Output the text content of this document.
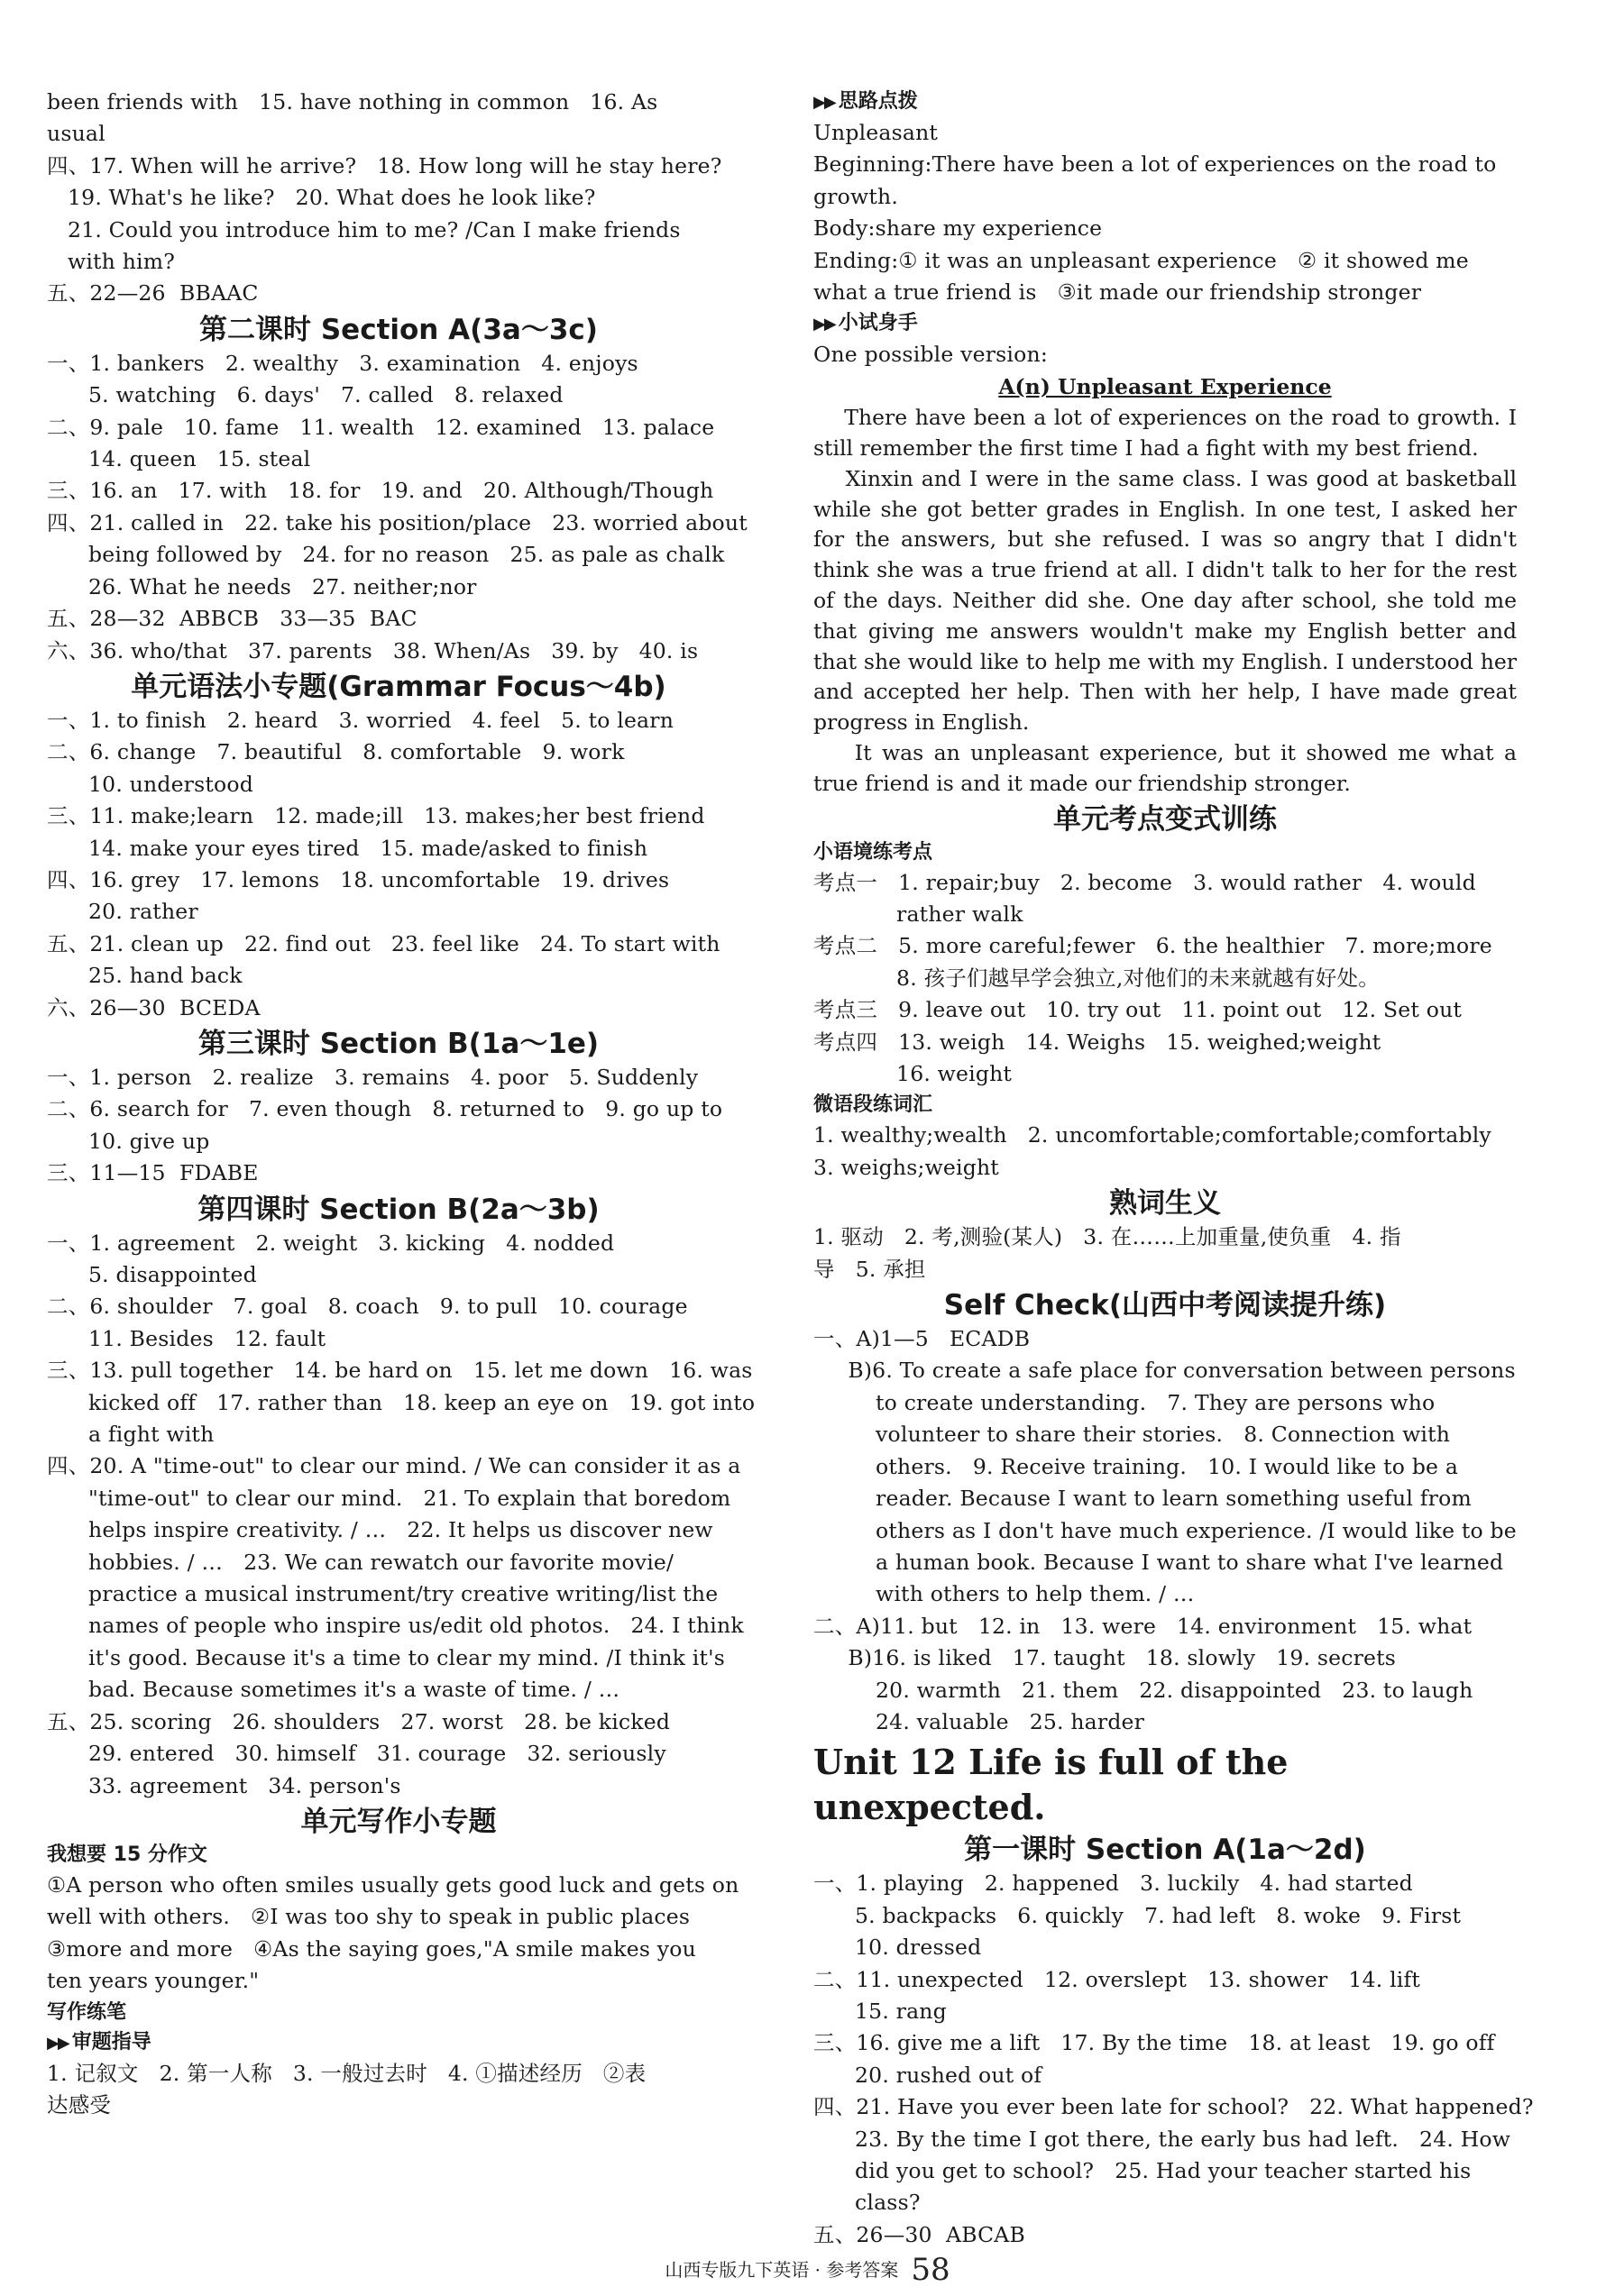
been friends with   15. have nothing in common   16. As
usual
四、17. When will he arrive?   18. How long will he stay here?
19. What's he like?   20. What does he look like?
21. Could you introduce him to me? /Can I make friends
with him?
五、22—26  BBAAC
第二课时 Section A(3a～3c)
一、1. bankers   2. wealthy   3. examination   4. enjoys
5. watching   6. days'   7. called   8. relaxed
二、9. pale   10. fame   11. wealth   12. examined   13. palace
14. queen   15. steal
三、16. an   17. with   18. for   19. and   20. Although/Though
四、21. called in   22. take his position/place   23. worried about
being followed by   24. for no reason   25. as pale as chalk
26. What he needs   27. neither;nor
五、28—32  ABBCB   33—35  BAC
六、36. who/that   37. parents   38. When/As   39. by   40. is
单元语法小专题(Grammar Focus～4b)
一、1. to finish   2. heard   3. worried   4. feel   5. to learn
二、6. change   7. beautiful   8. comfortable   9. work
10. understood
三、11. make;learn   12. made;ill   13. makes;her best friend
14. make your eyes tired   15. made/asked to finish
四、16. grey   17. lemons   18. uncomfortable   19. drives
20. rather
五、21. clean up   22. find out   23. feel like   24. To start with
25. hand back
六、26—30  BCEDA
第三课时 Section B(1a～1e)
一、1. person   2. realize   3. remains   4. poor   5. Suddenly
二、6. search for   7. even though   8. returned to   9. go up to
10. give up
三、11—15  FDABE
第四课时 Section B(2a～3b)
一、1. agreement   2. weight   3. kicking   4. nodded
5. disappointed
二、6. shoulder   7. goal   8. coach   9. to pull   10. courage
11. Besides   12. fault
三、13. pull together   14. be hard on   15. let me down   16. was
kicked off   17. rather than   18. keep an eye on   19. got into
a fight with
四、20. A "time-out" to clear our mind. / We can consider it as a
"time-out" to clear our mind.   21. To explain that boredom
helps inspire creativity. / …   22. It helps us discover new
hobbies. / …   23. We can rewatch our favorite movie/
practice a musical instrument/try creative writing/list the
names of people who inspire us/edit old photos.   24. I think
it's good. Because it's a time to clear my mind. /I think it's
bad. Because sometimes it's a waste of time. / …
五、25. scoring   26. shoulders   27. worst   28. be kicked
29. entered   30. himself   31. courage   32. seriously
33. agreement   34. person's
单元写作小专题
我想要 15 分作文
①A person who often smiles usually gets good luck and gets on
well with others.   ②I was too shy to speak in public places
③more and more   ④As the saying goes,"A smile makes you
ten years younger."
写作练笔
▶▶ 审题指导
1. 记叙文   2. 第一人称   3. 一般过去时   4. ①描述经历   ②表
达感受
▶▶ 思路点拨
Unpleasant
Beginning:There have been a lot of experiences on the road to
growth.
Body:share my experience
Ending:① it was an unpleasant experience   ② it showed me
what a true friend is   ③it made our friendship stronger
▶▶ 小试身手
One possible version:
A(n) Unpleasant Experience
There have been a lot of experiences on the road to growth. I still remember the first time I had a fight with my best friend.
Xinxin and I were in the same class. I was good at basketball while she got better grades in English. In one test, I asked her for the answers, but she refused. I was so angry that I didn't think she was a true friend at all. I didn't talk to her for the rest of the days. Neither did she. One day after school, she told me that giving me answers wouldn't make my English better and that she would like to help me with my English. I understood her and accepted her help. Then with her help, I have made great progress in English.
It was an unpleasant experience, but it showed me what a true friend is and it made our friendship stronger.
单元考点变式训练
小语境练考点
考点一   1. repair;buy   2. become   3. would rather   4. would
rather walk
考点二   5. more careful;fewer   6. the healthier   7. more;more
8. 孩子们越早学会独立,对他们的未来就越有好处。
考点三   9. leave out   10. try out   11. point out   12. Set out
考点四   13. weigh   14. Weighs   15. weighed;weight
16. weight
微语段练词汇
1. wealthy;wealth   2. uncomfortable;comfortable;comfortably
3. weighs;weight
熟词生义
1. 驱动   2. 考,测验(某人)   3. 在……上加重量,使负重   4. 指
导   5. 承担
Self Check(山西中考阅读提升练)
一、A)1—5   ECADB
B)6. To create a safe place for conversation between persons
to create understanding.   7. They are persons who
volunteer to share their stories.   8. Connection with
others.   9. Receive training.   10. I would like to be a
reader. Because I want to learn something useful from
others as I don't have much experience. /I would like to be
a human book. Because I want to share what I've learned
with others to help them. / …
二、A)11. but   12. in   13. were   14. environment   15. what
B)16. is liked   17. taught   18. slowly   19. secrets
20. warmth   21. them   22. disappointed   23. to laugh
24. valuable   25. harder
Unit 12 Life is full of the unexpected.
第一课时 Section A(1a～2d)
一、1. playing   2. happened   3. luckily   4. had started
5. backpacks   6. quickly   7. had left   8. woke   9. First
10. dressed
二、11. unexpected   12. overslept   13. shower   14. lift
15. rang
三、16. give me a lift   17. By the time   18. at least   19. go off
20. rushed out of
四、21. Have you ever been late for school?   22. What happened?
23. By the time I got there, the early bus had left.   24. How
did you get to school?   25. Had your teacher started his
class?
五、26—30  ABCAB
山西专版九下英语 · 参考答案 58
